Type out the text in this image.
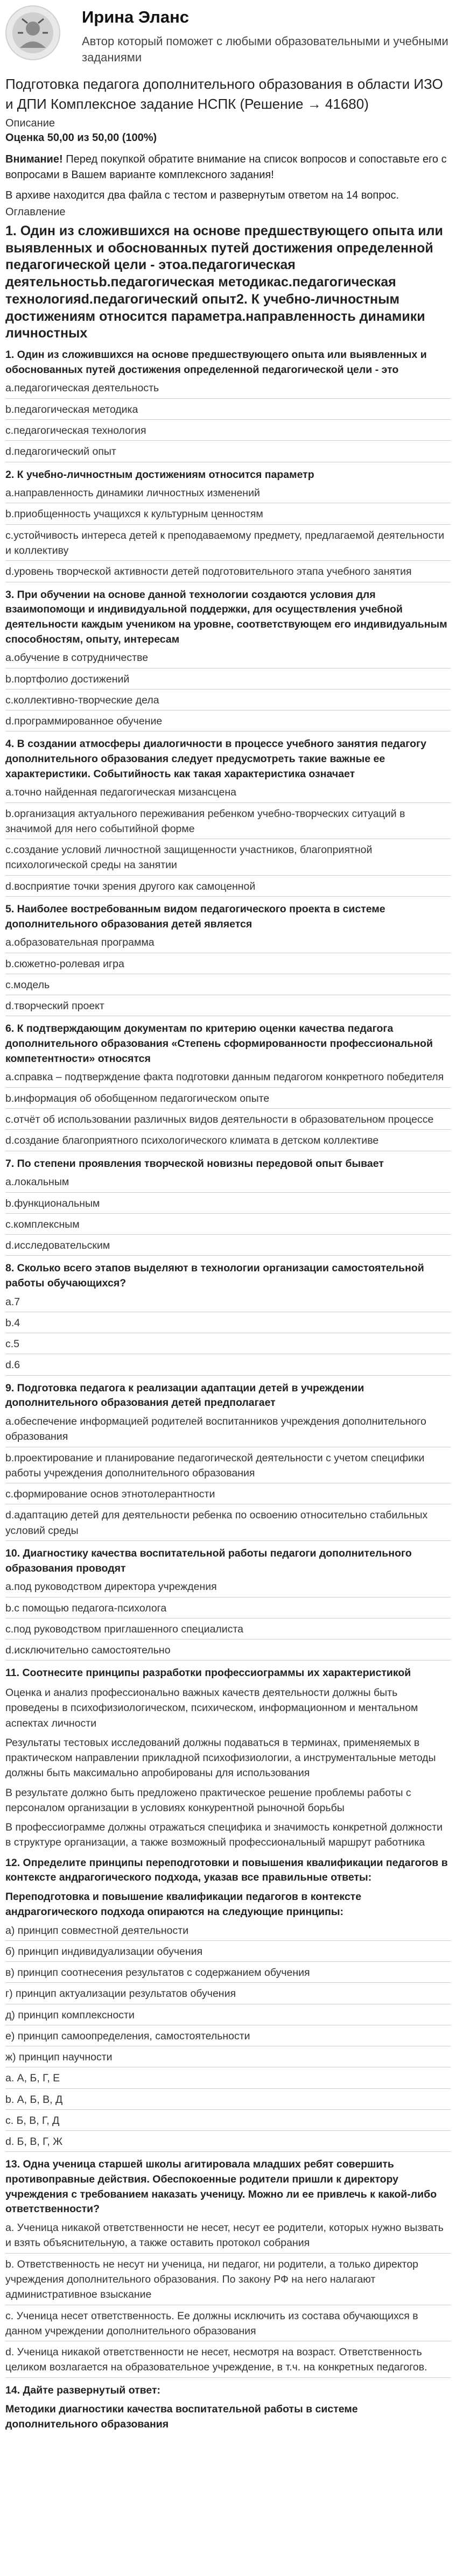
Ирина Эланс
Автор который поможет с любыми образовательными и учебными заданиями
Подготовка педагога дополнительного образования в области ИЗО и ДПИ Комплексное задание НСПК (Решение → 41680)
Описание
Оценка 50,00 из 50,00 (100%)
Внимание! Перед покупкой обратите внимание на список вопросов и сопоставьте его с вопросами в Вашем варианте комплексного задания!
В архиве находится два файла с тестом и развернутым ответом на 14 вопрос.
Оглавление
1. Один из сложившихся на основе предшествующего опыта или выявленных и обоснованных путей достижения определенной педагогической цели - этоа.педагогическая деятельностьb.педагогическая методикac.педагогическая технологияd.педагогический опыт2. К учебно-личностным достижениям относится параметра.направленность динамики личностных
1. Один из сложившихся на основе предшествующего опыта или выявленных и обоснованных путей достижения определенной педагогической цели - это
a.педагогическая деятельность
b.педагогическая методика
c.педагогическая технология
d.педагогический опыт
2. К учебно-личностным достижениям относится параметр
a.направленность динамики личностных изменений
b.приобщенность учащихся к культурным ценностям
c.устойчивость интереса детей к преподаваемому предмету, предлагаемой деятельности и коллективу
d.уровень творческой активности детей подготовительного этапа учебного занятия
3. При обучении на основе данной технологии создаются условия для взаимопомощи и индивидуальной поддержки, для осуществления учебной деятельности каждым учеником на уровне, соответствующем его индивидуальным способностям, опыту, интересам
a.обучение в сотрудничестве
b.портфолио достижений
c.коллективно-творческие дела
d.программированное обучение
4. В создании атмосферы диалогичности в процессе учебного занятия педагогу дополнительного образования следует предусмотреть такие важные ее характеристики. Событийность как такая характеристика означает
a.точно найденная педагогическая мизансцена
b.организация актуального переживания ребенком учебно-творческих ситуаций в значимой для него событийной форме
c.создание условий личностной защищенности участников, благоприятной психологической среды на занятии
d.восприятие точки зрения другого как самоценной
5. Наиболее востребованным видом педагогического проекта в системе дополнительного образования детей является
a.образовательная программа
b.сюжетно-ролевая игра
c.модель
d.творческий проект
6. К подтверждающим документам по критерию оценки качества педагога дополнительного образования «Степень сформированности профессиональной компетентности» относятся
a.справка – подтверждение факта подготовки данным педагогом конкретного победителя
b.информация об обобщенном педагогическом опыте
c.отчёт об использовании различных видов деятельности в образовательном процессе
d.создание благоприятного психологического климата в детском коллективе
7. По степени проявления творческой новизны передовой опыт бывает
a.локальным
b.функциональным
c.комплексным
d.исследовательским
8. Сколько всего этапов выделяют в технологии организации самостоятельной работы обучающихся?
a.7
b.4
c.5
d.6
9. Подготовка педагога к реализации адаптации детей в учреждении дополнительного образования детей предполагает
a.обеспечение информацией родителей воспитанников учреждения дополнительного образования
b.проектирование и планирование педагогической деятельности с учетом специфики работы учреждения дополнительного образования
c.формирование основ этнотолерантности
d.адаптацию детей для деятельности ребенка по освоению относительно стабильных условий среды
10. Диагностику качества воспитательной работы педагоги дополнительного образования проводят
a.под руководством директора учреждения
b.с помощью педагога-психолога
c.под руководством приглашенного специалиста
d.исключительно самостоятельно
11. Соотнесите принципы разработки профессиограммы их характеристикой
Оценка и анализ профессионально важных качеств деятельности должны быть проведены в психофизиологическом, психическом, информационном и ментальном аспектах личности
Результаты тестовых исследований должны подаваться в терминах, применяемых в практическом направлении прикладной психофизиологии, а инструментальные методы должны быть максимально апробированы для использования
В результате должно быть предложено практическое решение проблемы работы с персоналом организации в условиях конкурентной рыночной борьбы
В профессиограмме должны отражаться специфика и значимость конкретной должности в структуре организации, а также возможный профессиональный маршрут работника
12. Определите принципы переподготовки и повышения квалификации педагогов в контексте андрагогического подхода, указав все правильные ответы:
Переподготовка и повышение квалификации педагогов в контексте андрагогического подхода опираются на следующие принципы:
а) принцип совместной деятельности
б) принцип индивидуализации обучения
в) принцип соотнесения результатов с содержанием обучения
г) принцип актуализации результатов обучения
д) принцип комплексности
е) принцип самоопределения, самостоятельности
ж) принцип научности
a. А, Б, Г, Е
b. А, Б, В, Д
c. Б, В, Г, Д
d. Б, В, Г, Ж
13. Одна ученица старшей школы агитировала младших ребят совершить противоправные действия. Обеспокоенные родители пришли к директору учреждения с требованием наказать ученицу. Можно ли ее привлечь к какой-либо ответственности?
a. Ученица никакой ответственности не несет, несут ее родители, которых нужно вызвать и взять объяснительную, а также оставить протокол собрания
b. Ответственность не несут ни ученица, ни педагог, ни родители, а только директор учреждения дополнительного образования. По закону РФ на него налагают административное взыскание
c. Ученица несет ответственность. Ее должны исключить из состава обучающихся в данном учреждении дополнительного образования
d. Ученица никакой ответственности не несет, несмотря на возраст. Ответственность целиком возлагается на образовательное учреждение, в т.ч. на конкретных педагогов.
14. Дайте развернутый ответ:
Методики диагностики качества воспитательной работы в системе дополнительного образования
